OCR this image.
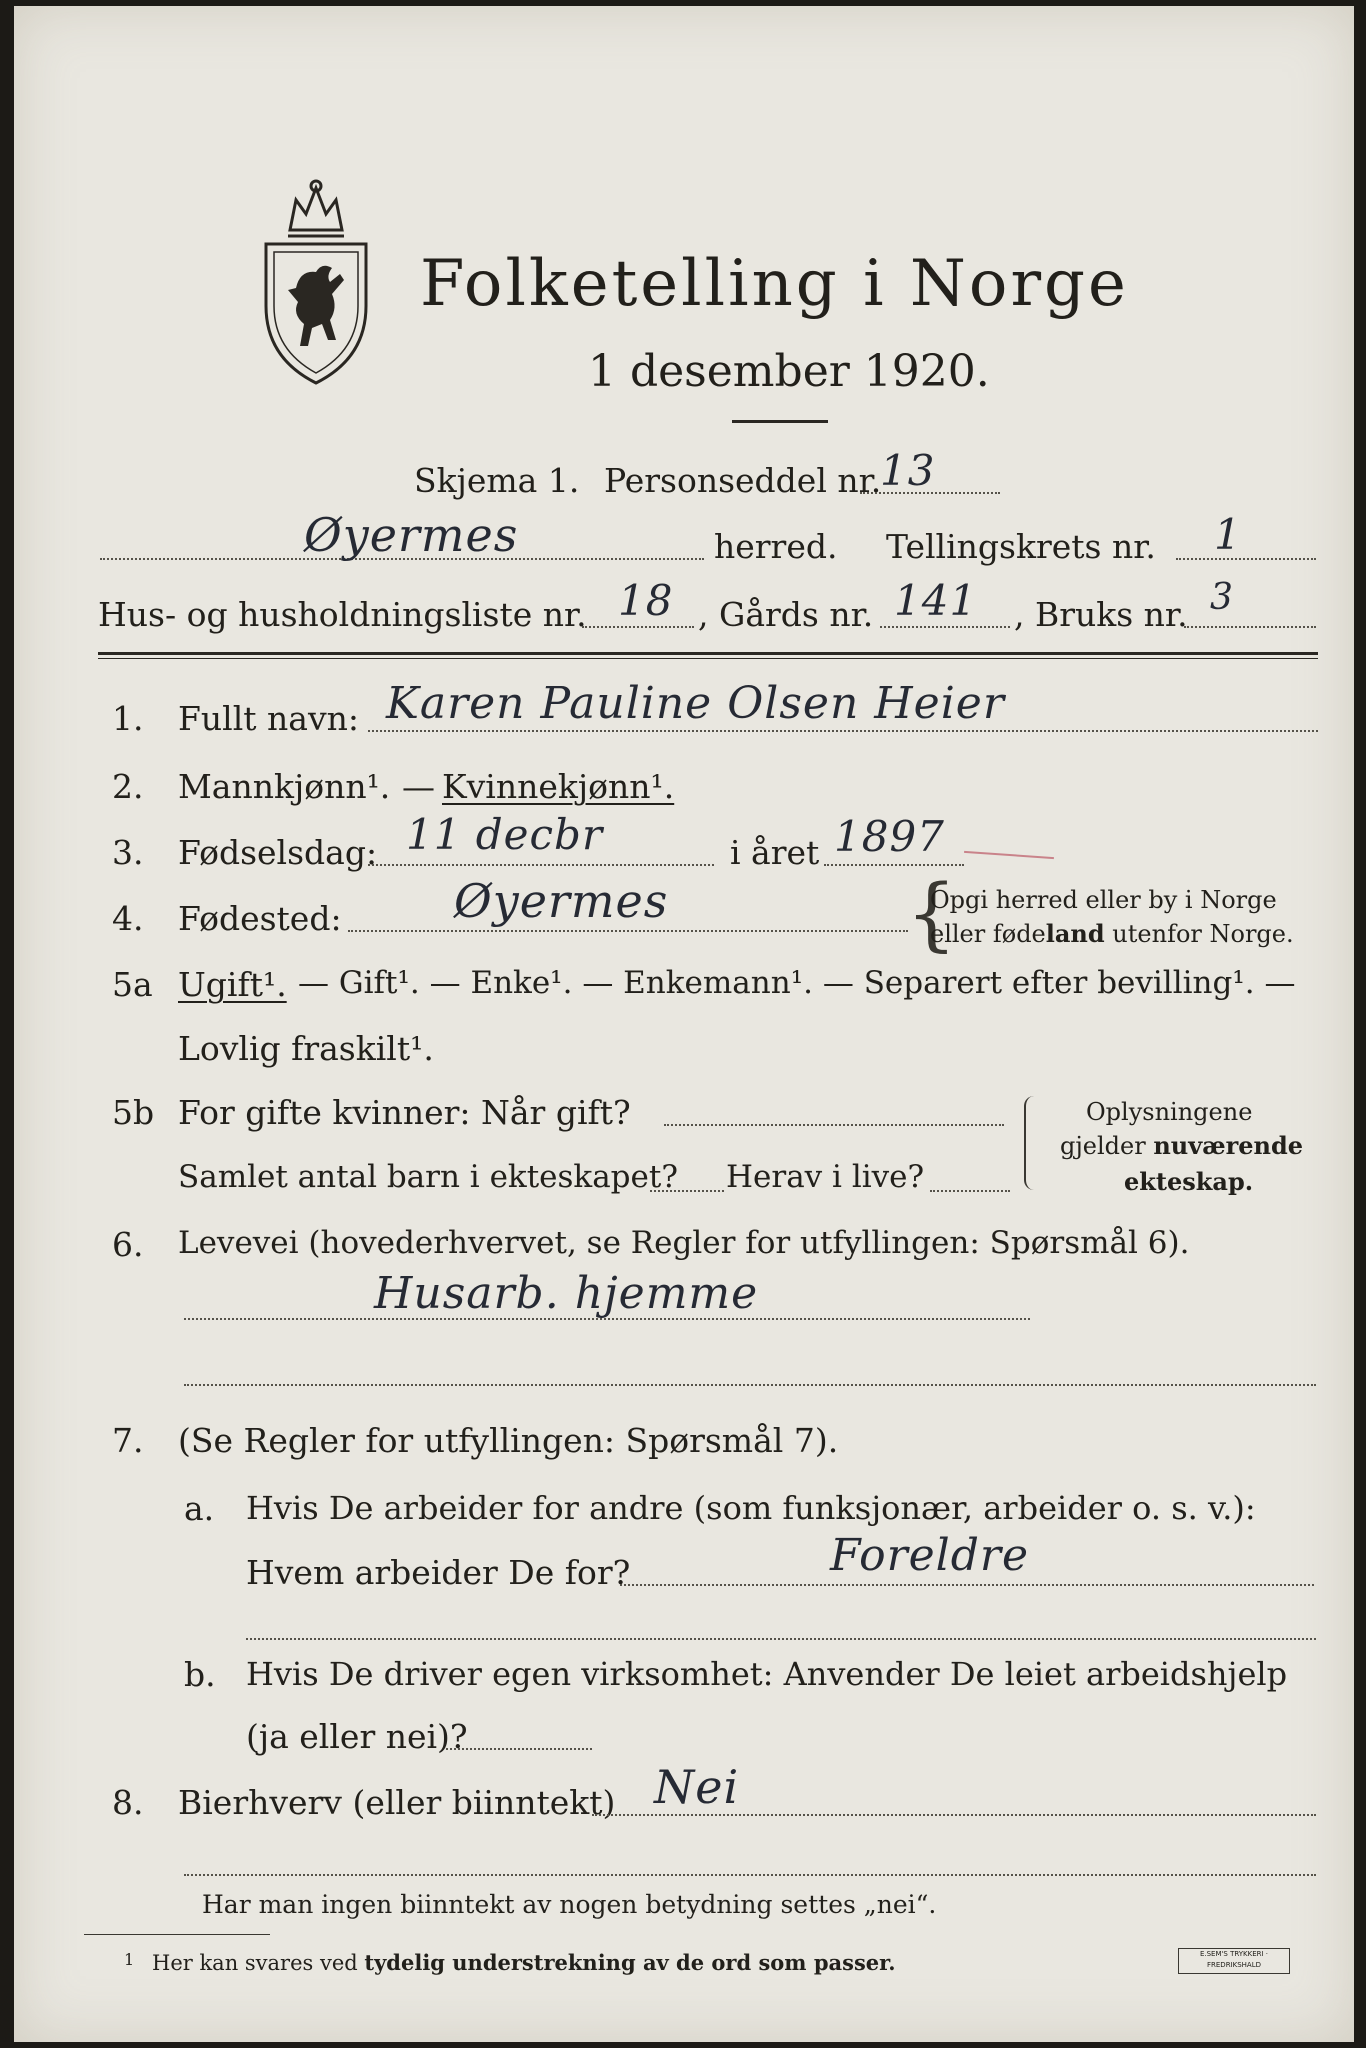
Folketelling i Norge
1 desember 1920.
Skjema 1. Personseddel nr.
13
Øyermes	herred. Tellingskrets nr. 1
Hus- og husholdningsliste nr. 18 , Gårds nr. 141 , Bruks nr. 3
1. Fullt navn: Karen Pauline Olsen Heier
2. Mannkjønn¹. — Kvinnekjønn¹.
3. Fødselsdag: 11 decbr	i året 1897
4. Fødested: Øyermes	{
Opgi herred eller by i Norge
eller fødeland utenfor Norge.
5a Ugift¹. — Gift¹. — Enke¹. — Enkemann¹. — Separert efter bevilling¹. —
Lovlig fraskilt¹.
5b For gifte kvinner: Når gift?
Samlet antal barn i ekteskapet? Herav i live?
Oplysningene
gjelder nuværende
ekteskap.
6. Levevei (hovederhvervet, se Regler for utfyllingen: Spørsmål 6).
Husarb. hjemme
7. (Se Regler for utfyllingen: Spørsmål 7).
a. Hvis De arbeider for andre (som funksjonær, arbeider o. s. v.):
Hvem arbeider De for?	Foreldre
b. Hvis De driver egen virksomhet: Anvender De leiet arbeidshjelp
(ja eller nei)?
8. Bierhverv (eller biinntekt) Nei
Har man ingen biinntekt av nogen betydning settes „nei“.
1 Her kan svares ved tydelig understrekning av de ord som passer.	E.SEM'S TRYKKERI · FREDRIKSHALD
